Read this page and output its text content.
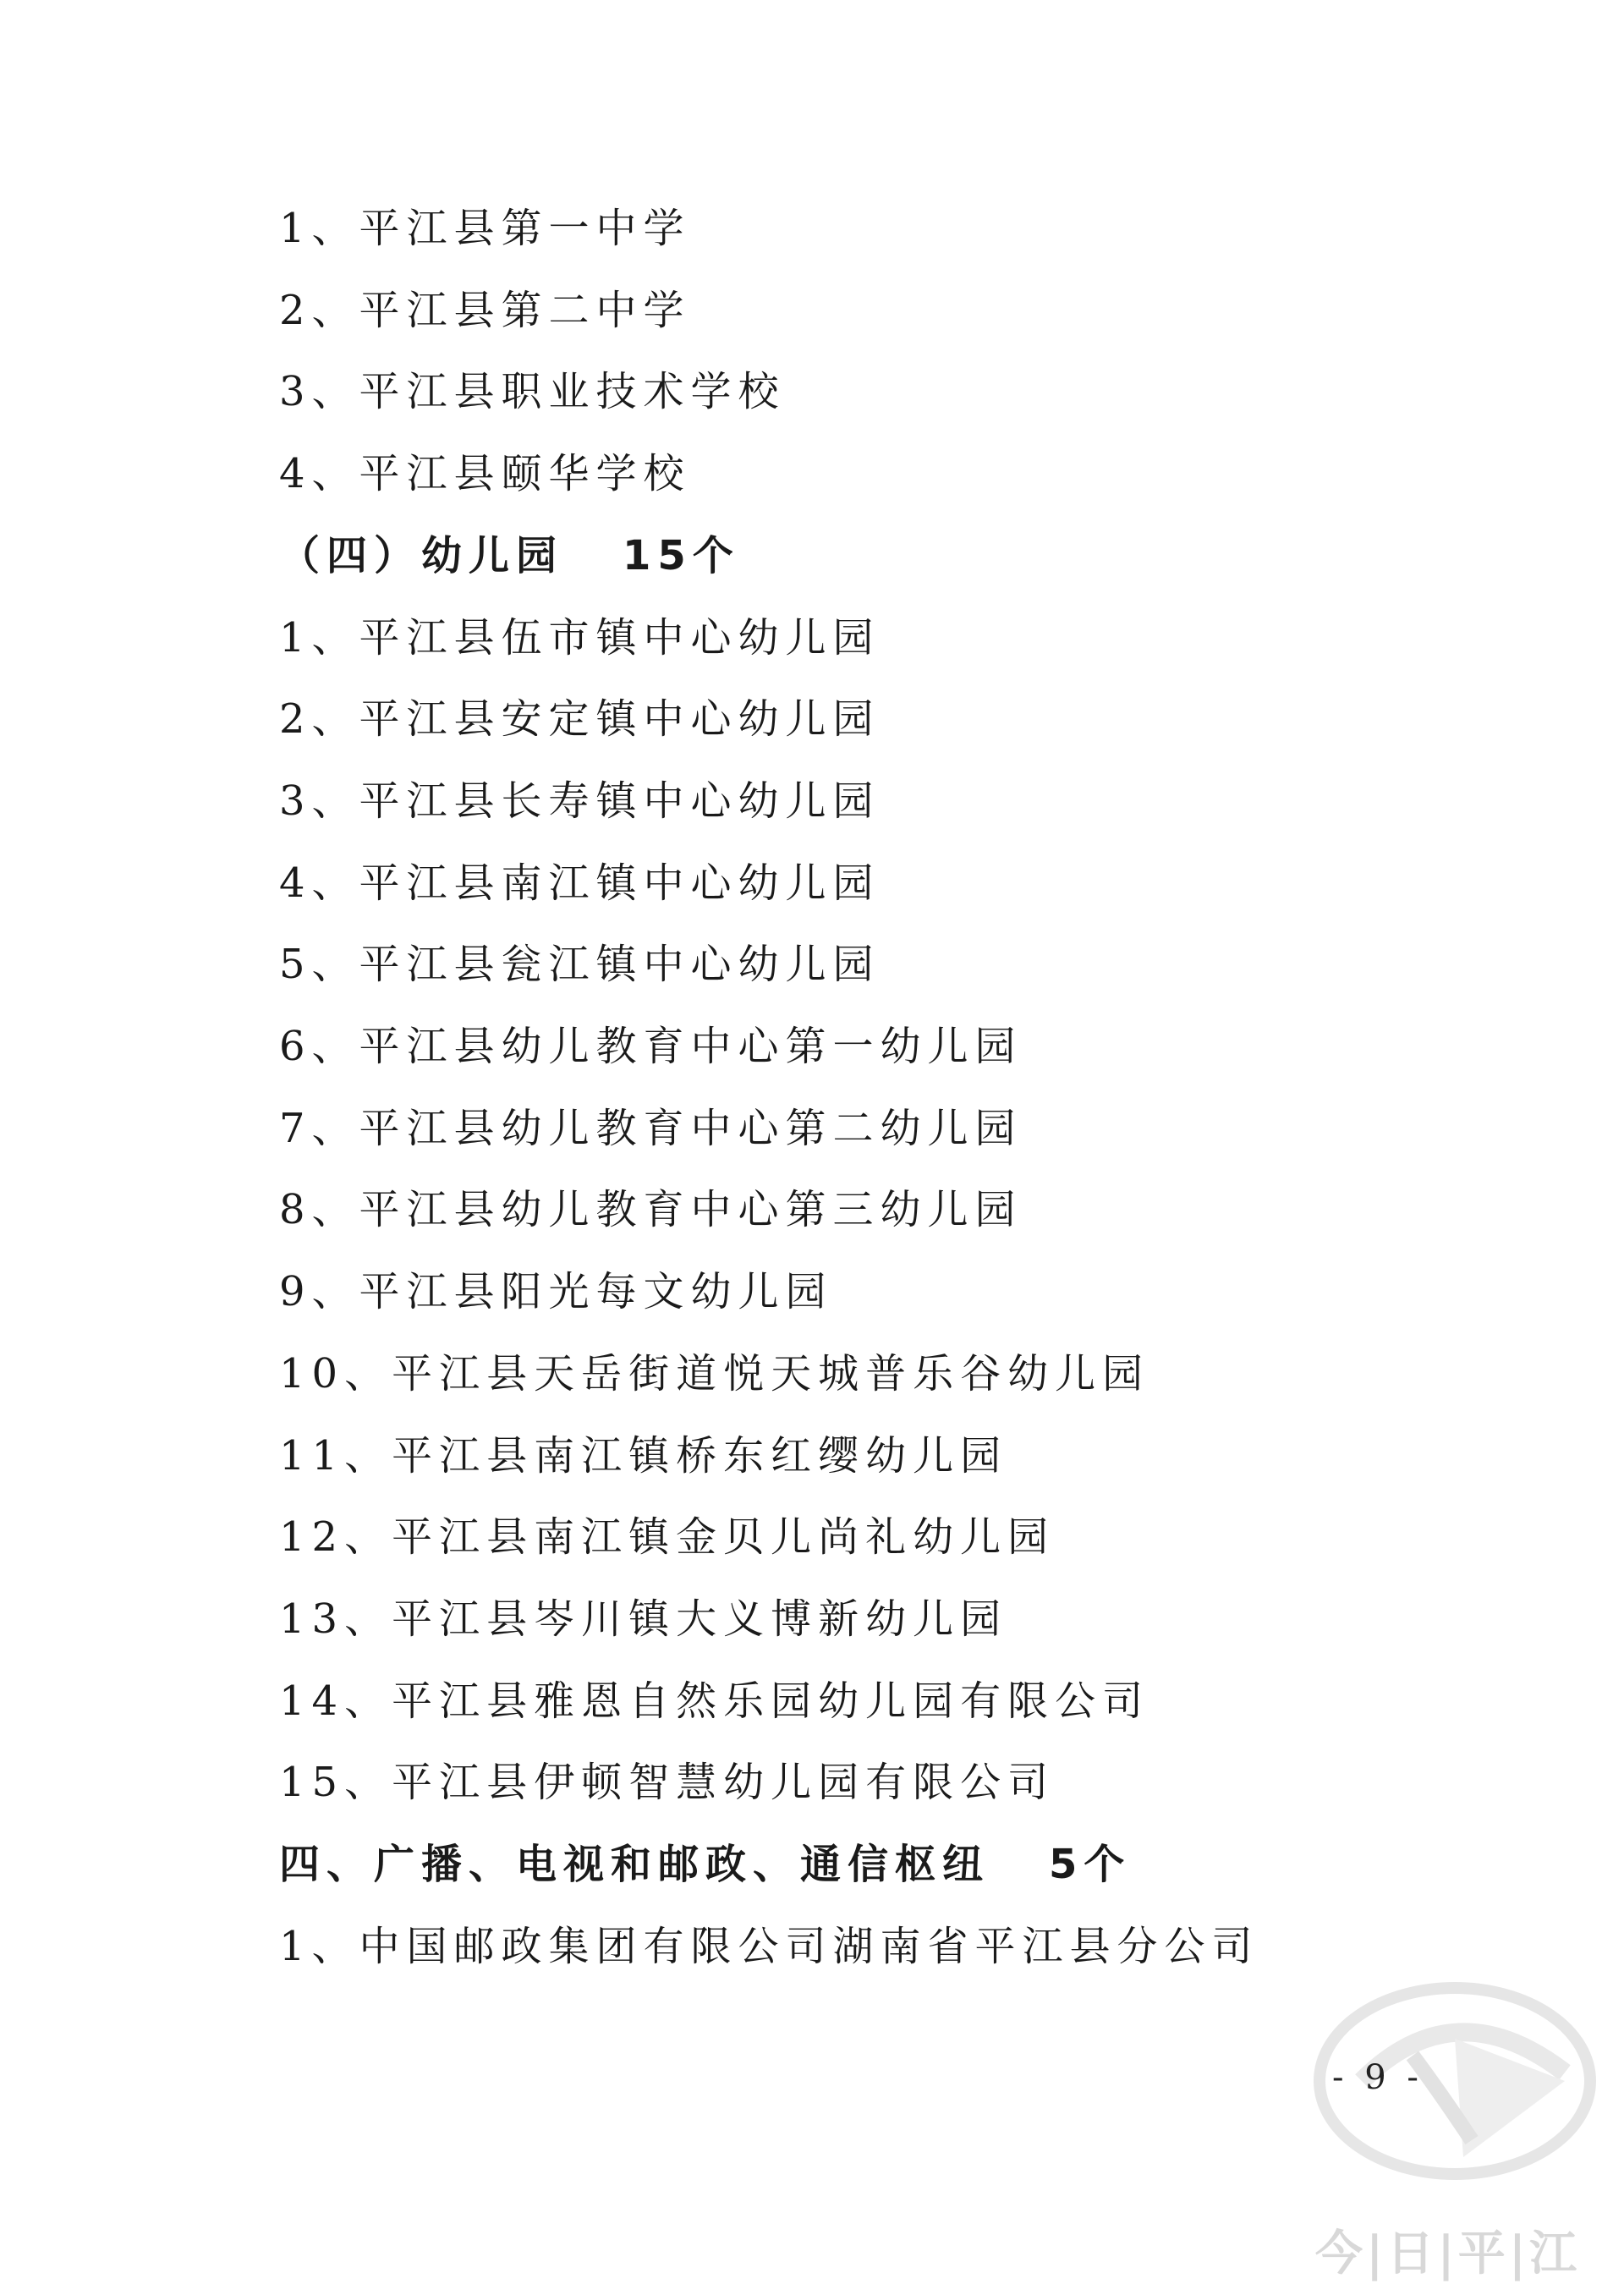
1、平江县第一中学
2、平江县第二中学
3、平江县职业技术学校
4、平江县颐华学校
（四）幼儿园 15个
1、平江县伍市镇中心幼儿园
2、平江县安定镇中心幼儿园
3、平江县长寿镇中心幼儿园
4、平江县南江镇中心幼儿园
5、平江县瓮江镇中心幼儿园
6、平江县幼儿教育中心第一幼儿园
7、平江县幼儿教育中心第二幼儿园
8、平江县幼儿教育中心第三幼儿园
9、平江县阳光每文幼儿园
10、平江县天岳街道悦天城普乐谷幼儿园
11、平江县南江镇桥东红缨幼儿园
12、平江县南江镇金贝儿尚礼幼儿园
13、平江县岑川镇大义博新幼儿园
14、平江县雅恩自然乐园幼儿园有限公司
15、平江县伊顿智慧幼儿园有限公司
四、广播、电视和邮政、通信枢纽 5个
1、中国邮政集团有限公司湖南省平江县分公司
- 9 -
今|日|平|江
